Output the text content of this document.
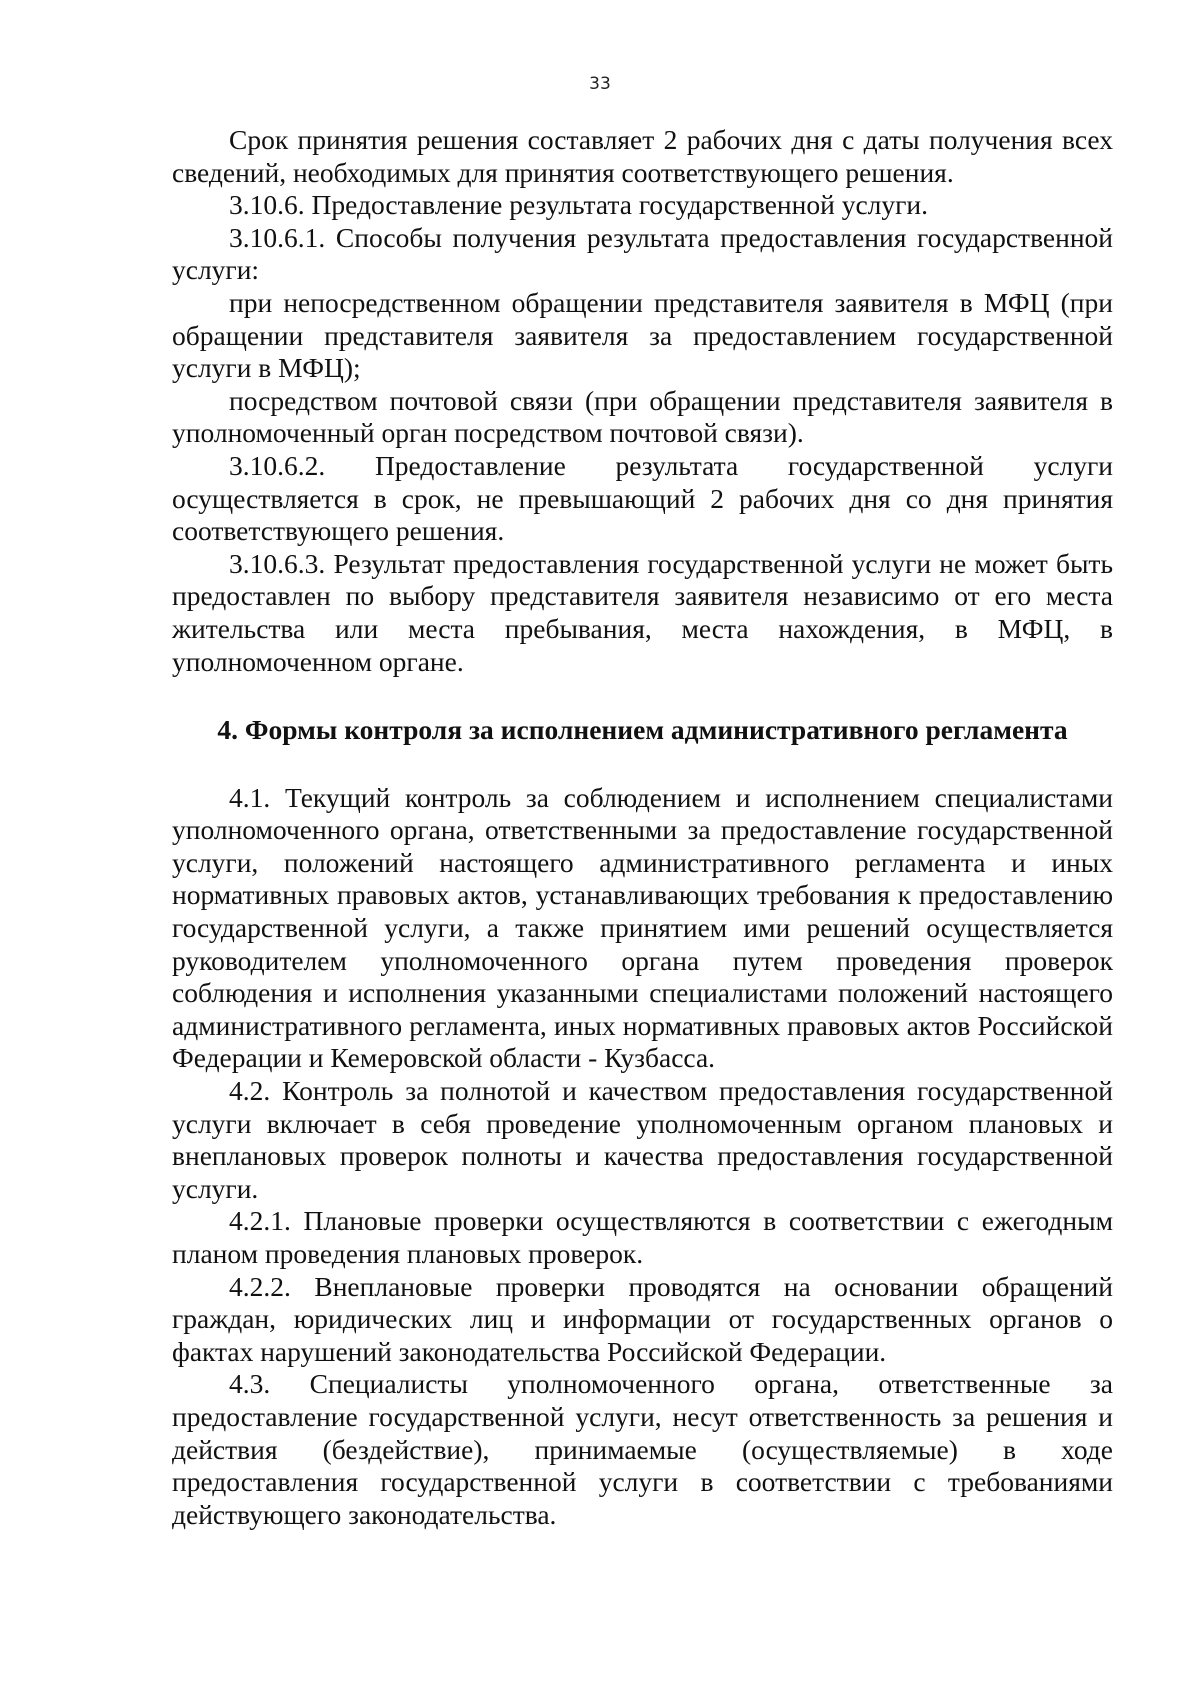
33

Срок принятия решения составляет 2 рабочих дня с даты получения всех сведений, необходимых для принятия соответствующего решения.

3.10.6. Предоставление результата государственной услуги.

3.10.6.1. Способы получения результата предоставления государственной услуги:

при непосредственном обращении представителя заявителя в МФЦ (при обращении представителя заявителя за предоставлением государственной услуги в МФЦ);

посредством почтовой связи (при обращении представителя заявителя в уполномоченный орган посредством почтовой связи).

3.10.6.2. Предоставление результата государственной услуги осуществляется в срок, не превышающий 2 рабочих дня со дня принятия соответствующего решения.

3.10.6.3. Результат предоставления государственной услуги не может быть предоставлен по выбору представителя заявителя независимо от его места жительства или места пребывания, места нахождения, в МФЦ, в уполномоченном органе.

4. Формы контроля за исполнением административного регламента

4.1. Текущий контроль за соблюдением и исполнением специалистами уполномоченного органа, ответственными за предоставление государственной услуги, положений настоящего административного регламента и иных нормативных правовых актов, устанавливающих требования к предоставлению государственной услуги, а также принятием ими решений осуществляется руководителем уполномоченного органа путем проведения проверок соблюдения и исполнения указанными специалистами положений настоящего административного регламента, иных нормативных правовых актов Российской Федерации и Кемеровской области - Кузбасса.

4.2. Контроль за полнотой и качеством предоставления государственной услуги включает в себя проведение уполномоченным органом плановых и внеплановых проверок полноты и качества предоставления государственной услуги.

4.2.1. Плановые проверки осуществляются в соответствии с ежегодным планом проведения плановых проверок.

4.2.2. Внеплановые проверки проводятся на основании обращений граждан, юридических лиц и информации от государственных органов о фактах нарушений законодательства Российской Федерации.

4.3. Специалисты уполномоченного органа, ответственные за предоставление государственной услуги, несут ответственность за решения и действия (бездействие), принимаемые (осуществляемые) в ходе предоставления государственной услуги в соответствии с требованиями действующего законодательства.
